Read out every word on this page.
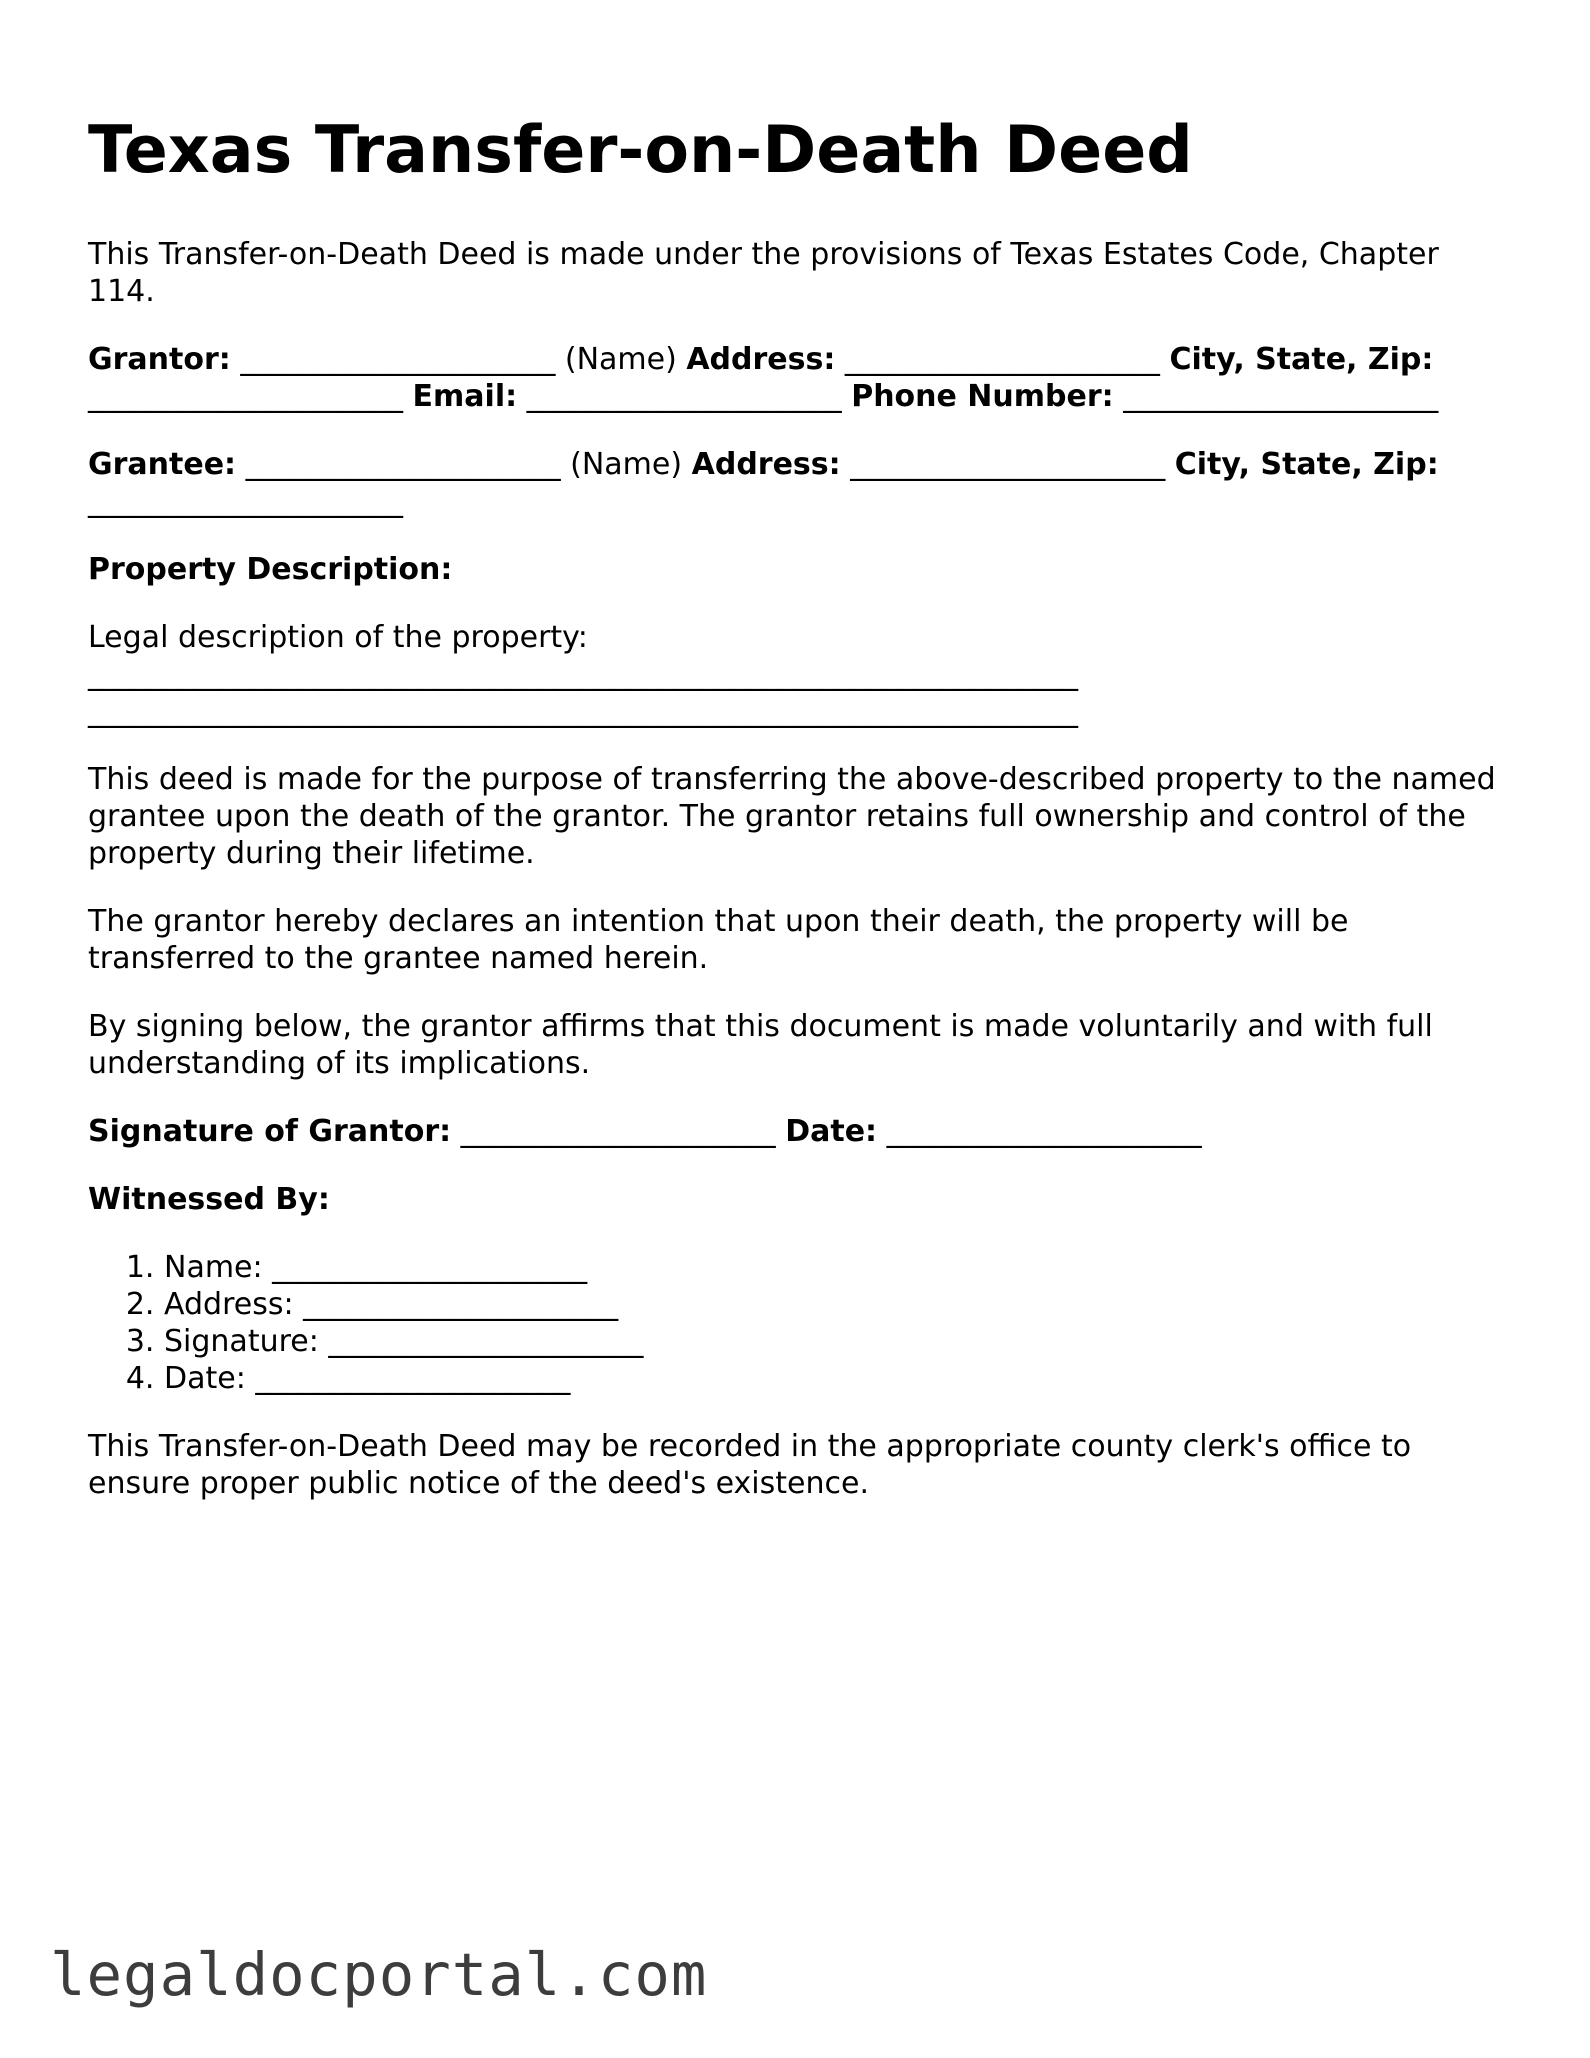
Texas Transfer-on-Death Deed

This Transfer-on-Death Deed is made under the provisions of Texas Estates Code, Chapter 114.

Grantor: _____________________ (Name) Address: _____________________ City, State, Zip: _____________________ Email: _____________________ Phone Number: _____________________

Grantee: _____________________ (Name) Address: _____________________ City, State, Zip: _____________________

Property Description:

Legal description of the property:

__________________________________________________________________

__________________________________________________________________

This deed is made for the purpose of transferring the above-described property to the named grantee upon the death of the grantor. The grantor retains full ownership and control of the property during their lifetime.

The grantor hereby declares an intention that upon their death, the property will be transferred to the grantee named herein.

By signing below, the grantor affirms that this document is made voluntarily and with full understanding of its implications.

Signature of Grantor: _____________________ Date: _____________________

Witnessed By:

1. Name: _____________________
2. Address: _____________________
3. Signature: _____________________
4. Date: _____________________

This Transfer-on-Death Deed may be recorded in the appropriate county clerk's office to ensure proper public notice of the deed's existence.

legaldocportal.com
